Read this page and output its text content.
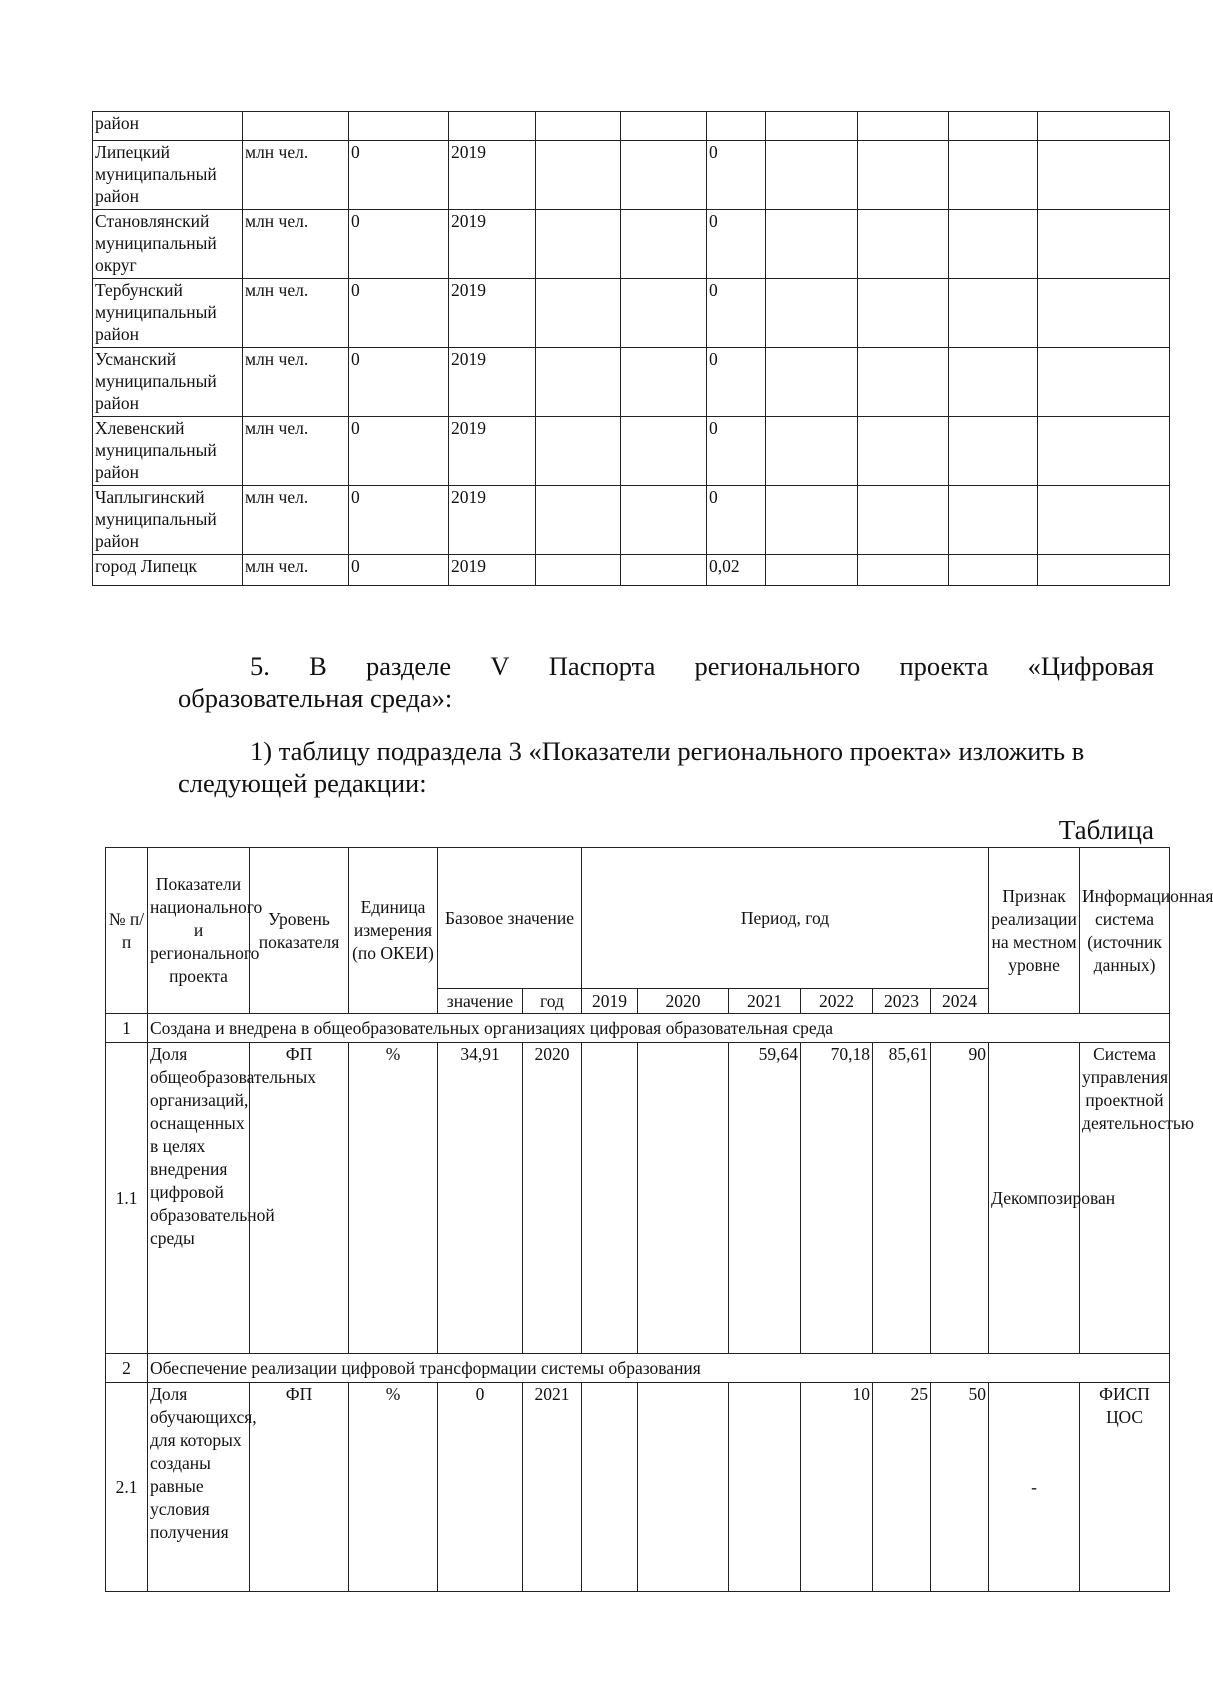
район										
Липецкий муниципальный район	млн чел.	0	2019			0				
Становлянский муниципальный округ	млн чел.	0	2019			0				
Тербунский муниципальный район	млн чел.	0	2019			0				
Усманский муниципальный район	млн чел.	0	2019			0				
Хлевенский муниципальный район	млн чел.	0	2019			0				
Чаплыгинский муниципальный район	млн чел.	0	2019			0				
город Липецк	млн чел.	0	2019			0,02				
5. В разделе V Паспорта регионального проекта «Цифровая
образовательная среда»:
1) таблицу подраздела 3 «Показатели регионального проекта» изложить в следующей редакции:
Таблица
№ п/п	Показатели национального и регионального проекта	Уровень показателя	Единица измерения (по ОКЕИ)	Базовое значение		Период, год						Признак реализации на местном уровне	Информационная система (источник данных)
				значение	год	2019	2020	2021	2022	2023	2024		
1	Создана и внедрена в общеобразовательных организациях цифровая образовательная среда												
1.1	Доля общеобразовательных организаций, оснащенных в целях внедрения цифровой образовательной среды	ФП	%	34,91	2020			59,64	70,18	85,61	90	Декомпозирован	Система управления проектной деятельностью
2	Обеспечение реализации цифровой трансформации системы образования												
2.1	Доля обучающихся, для которых созданы равные условия получения	ФП	%	0	2021				10	25	50	-	ФИСП ЦОС
